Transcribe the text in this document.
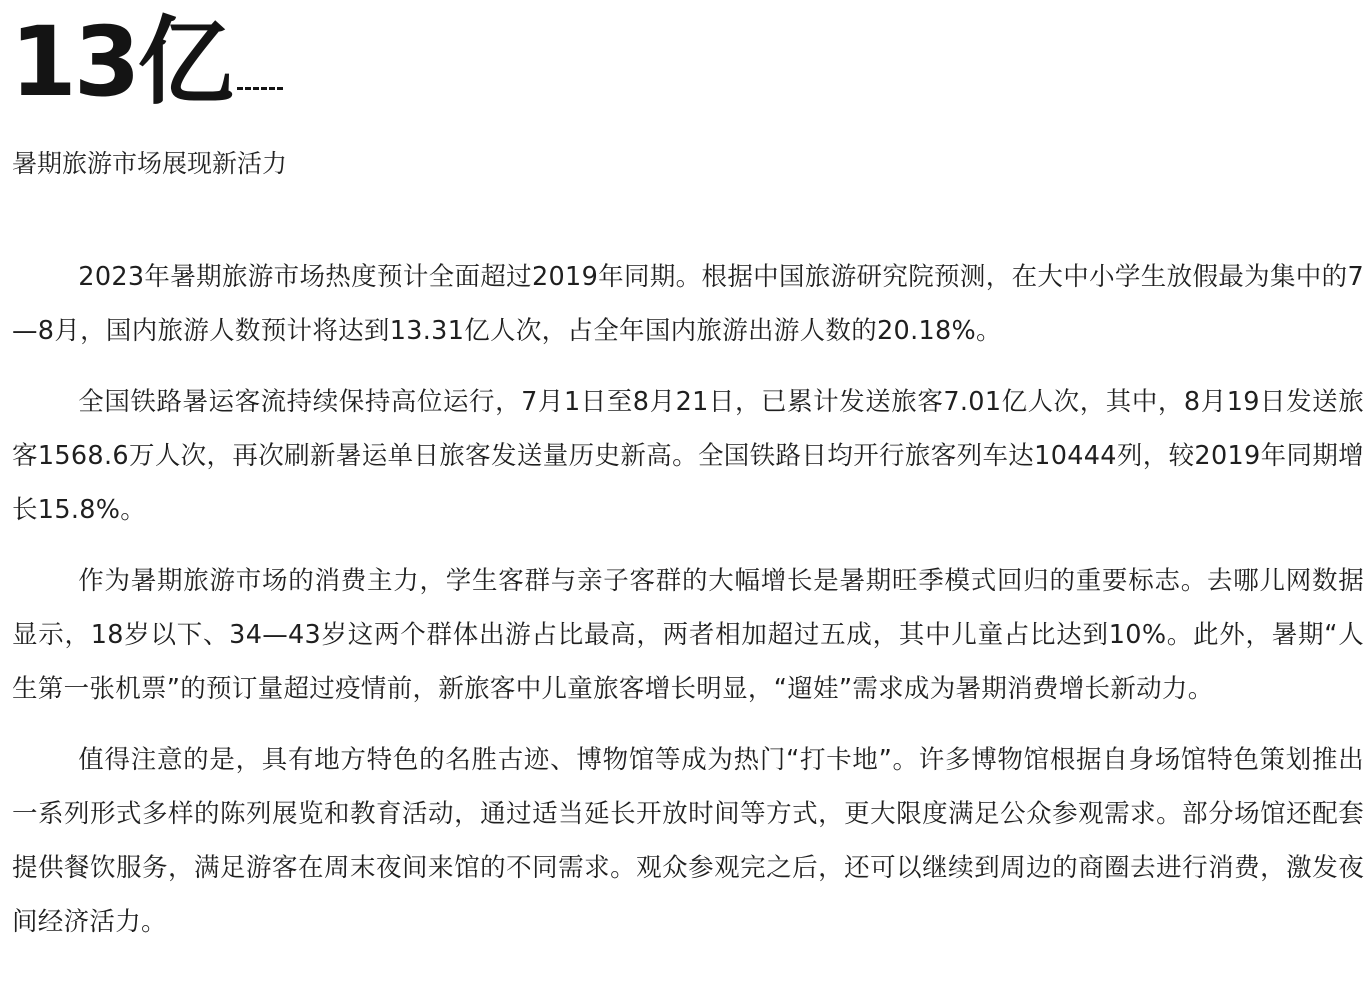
13亿
暑期旅游市场展现新活力

2023年暑期旅游市场热度预计全面超过2019年同期。根据中国旅游研究院预测，在大中小学生放假最为集中的7—8月，国内旅游人数预计将达到13.31亿人次，占全年国内旅游出游人数的20.18%。

全国铁路暑运客流持续保持高位运行，7月1日至8月21日，已累计发送旅客7.01亿人次，其中，8月19日发送旅客1568.6万人次，再次刷新暑运单日旅客发送量历史新高。全国铁路日均开行旅客列车达10444列，较2019年同期增长15.8%。

作为暑期旅游市场的消费主力，学生客群与亲子客群的大幅增长是暑期旺季模式回归的重要标志。去哪儿网数据显示，18岁以下、34—43岁这两个群体出游占比最高，两者相加超过五成，其中儿童占比达到10%。此外，暑期“人生第一张机票”的预订量超过疫情前，新旅客中儿童旅客增长明显，“遛娃”需求成为暑期消费增长新动力。

值得注意的是，具有地方特色的名胜古迹、博物馆等成为热门“打卡地”。许多博物馆根据自身场馆特色策划推出一系列形式多样的陈列展览和教育活动，通过适当延长开放时间等方式，更大限度满足公众参观需求。部分场馆还配套提供餐饮服务，满足游客在周末夜间来馆的不同需求。观众参观完之后，还可以继续到周边的商圈去进行消费，激发夜间经济活力。
